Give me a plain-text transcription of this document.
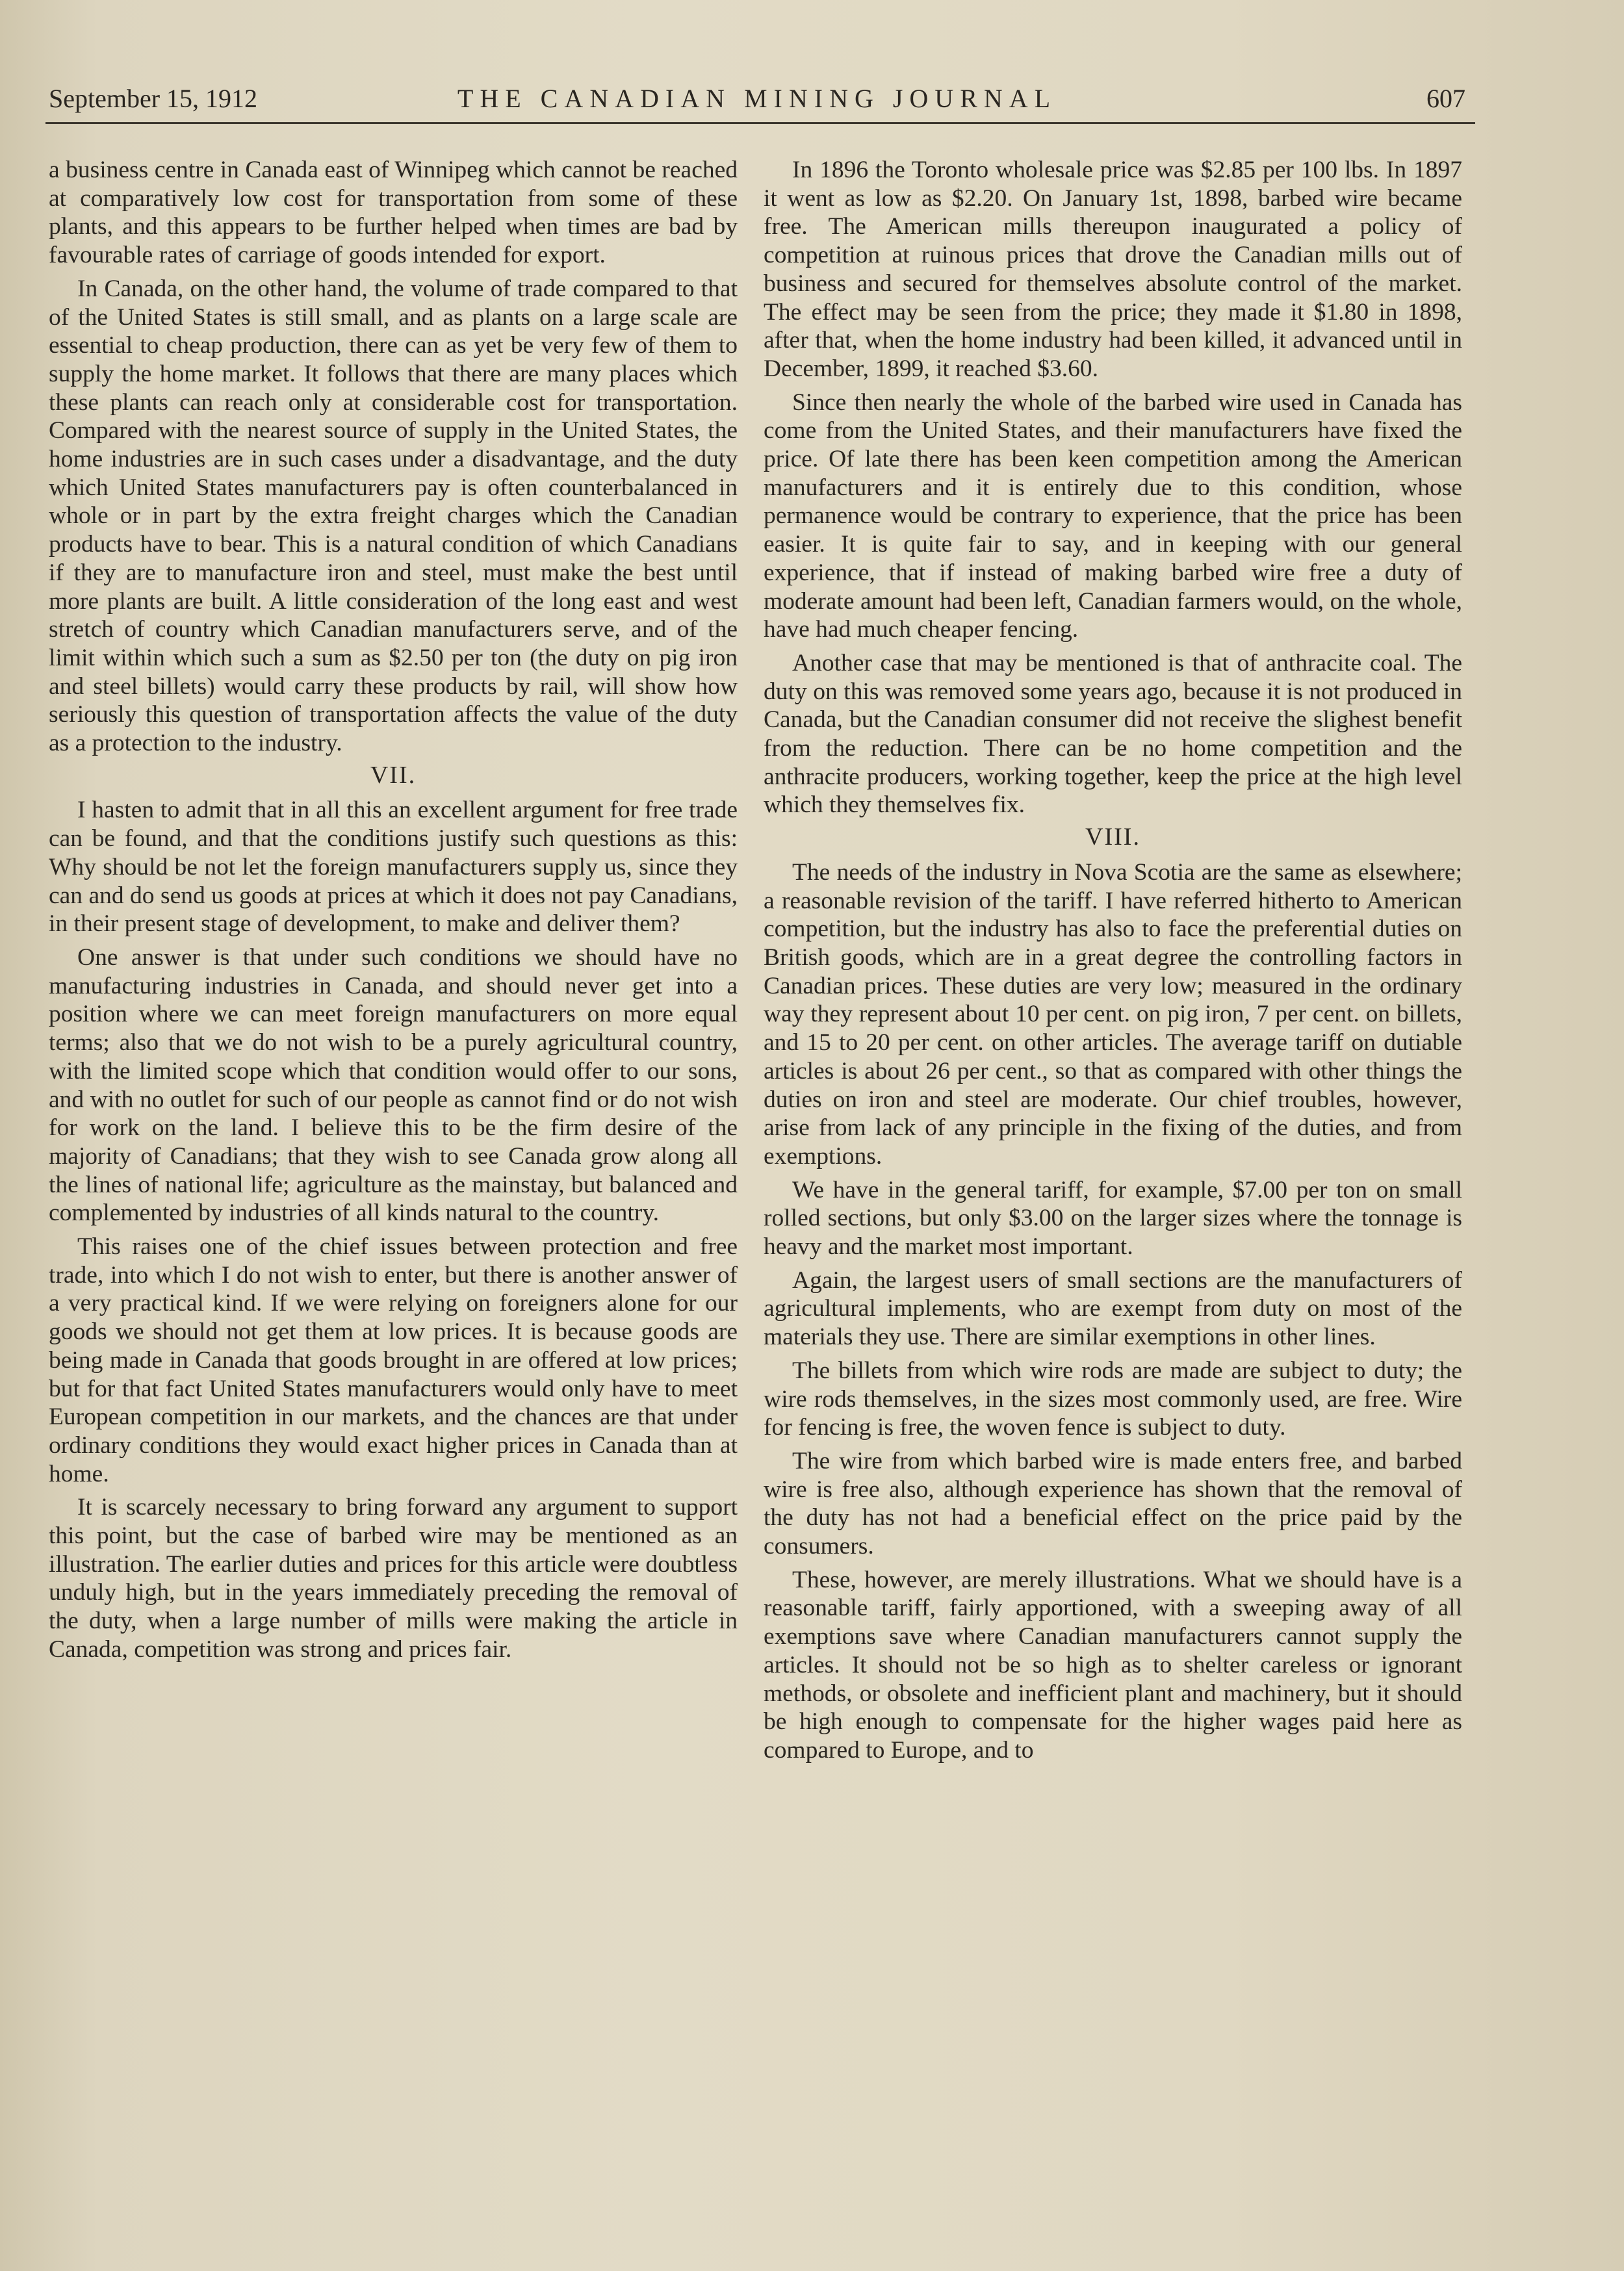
THE CANADIAN MINING JOURNAL
September 15, 1912	607

a business centre in Canada east of Winnipeg which cannot be reached at comparatively low cost for transportation from some of these plants, and this appears to be further helped when times are bad by favourable rates of carriage of goods intended for export.

In Canada, on the other hand, the volume of trade compared to that of the United States is still small, and as plants on a large scale are essential to cheap production, there can as yet be very few of them to supply the home market. It follows that there are many places which these plants can reach only at considerable cost for transportation. Compared with the nearest source of supply in the United States, the home industries are in such cases under a disadvantage, and the duty which United States manufacturers pay is often counterbalanced in whole or in part by the extra freight charges which the Canadian products have to bear. This is a natural condition of which Canadians if they are to manufacture iron and steel, must make the best until more plants are built. A little consideration of the long east and west stretch of country which Canadian manufacturers serve, and of the limit within which such a sum as $2.50 per ton (the duty on pig iron and steel billets) would carry these products by rail, will show how seriously this question of transportation affects the value of the duty as a protection to the industry.

VII.

I hasten to admit that in all this an excellent argument for free trade can be found, and that the conditions justify such questions as this: Why should be not let the foreign manufacturers supply us, since they can and do send us goods at prices at which it does not pay Canadians, in their present stage of development, to make and deliver them?

One answer is that under such conditions we should have no manufacturing industries in Canada, and should never get into a position where we can meet foreign manufacturers on more equal terms; also that we do not wish to be a purely agricultural country, with the limited scope which that condition would offer to our sons, and with no outlet for such of our people as cannot find or do not wish for work on the land. I believe this to be the firm desire of the majority of Canadians; that they wish to see Canada grow along all the lines of national life; agriculture as the mainstay, but balanced and complemented by industries of all kinds natural to the country.

This raises one of the chief issues between protection and free trade, into which I do not wish to enter, but there is another answer of a very practical kind. If we were relying on foreigners alone for our goods we should not get them at low prices. It is because goods are being made in Canada that goods brought in are offered at low prices; but for that fact United States manufacturers would only have to meet European competition in our markets, and the chances are that under ordinary conditions they would exact higher prices in Canada than at home.

It is scarcely necessary to bring forward any argument to support this point, but the case of barbed wire may be mentioned as an illustration. The earlier duties and prices for this article were doubtless unduly high, but in the years immediately preceding the removal of the duty, when a large number of mills were making the article in Canada, competition was strong and prices fair.

In 1896 the Toronto wholesale price was $2.85 per 100 lbs. In 1897 it went as low as $2.20. On January 1st, 1898, barbed wire became free. The American mills thereupon inaugurated a policy of competition at ruinous prices that drove the Canadian mills out of business and secured for themselves absolute control of the market. The effect may be seen from the price; they made it $1.80 in 1898, after that, when the home industry had been killed, it advanced until in December, 1899, it reached $3.60.

Since then nearly the whole of the barbed wire used in Canada has come from the United States, and their manufacturers have fixed the price. Of late there has been keen competition among the American manufacturers and it is entirely due to this condition, whose permanence would be contrary to experience, that the price has been easier. It is quite fair to say, and in keeping with our general experience, that if instead of making barbed wire free a duty of moderate amount had been left, Canadian farmers would, on the whole, have had much cheaper fencing.

Another case that may be mentioned is that of anthracite coal. The duty on this was removed some years ago, because it is not produced in Canada, but the Canadian consumer did not receive the slighest benefit from the reduction. There can be no home competition and the anthracite producers, working together, keep the price at the high level which they themselves fix.

VIII.

The needs of the industry in Nova Scotia are the same as elsewhere; a reasonable revision of the tariff. I have referred hitherto to American competition, but the industry has also to face the preferential duties on British goods, which are in a great degree the controlling factors in Canadian prices. These duties are very low; measured in the ordinary way they represent about 10 per cent. on pig iron, 7 per cent. on billets, and 15 to 20 per cent. on other articles. The average tariff on dutiable articles is about 26 per cent., so that as compared with other things the duties on iron and steel are moderate. Our chief troubles, however, arise from lack of any principle in the fixing of the duties, and from exemptions.

We have in the general tariff, for example, $7.00 per ton on small rolled sections, but only $3.00 on the larger sizes where the tonnage is heavy and the market most important.

Again, the largest users of small sections are the manufacturers of agricultural implements, who are exempt from duty on most of the materials they use. There are similar exemptions in other lines.

The billets from which wire rods are made are subject to duty; the wire rods themselves, in the sizes most commonly used, are free. Wire for fencing is free, the woven fence is subject to duty.

The wire from which barbed wire is made enters free, and barbed wire is free also, although experience has shown that the removal of the duty has not had a beneficial effect on the price paid by the consumers.

These, however, are merely illustrations. What we should have is a reasonable tariff, fairly apportioned, with a sweeping away of all exemptions save where Canadian manufacturers cannot supply the articles. It should not be so high as to shelter careless or ignorant methods, or obsolete and inefficient plant and machinery, but it should be high enough to compensate for the higher wages paid here as compared to Europe, and to
